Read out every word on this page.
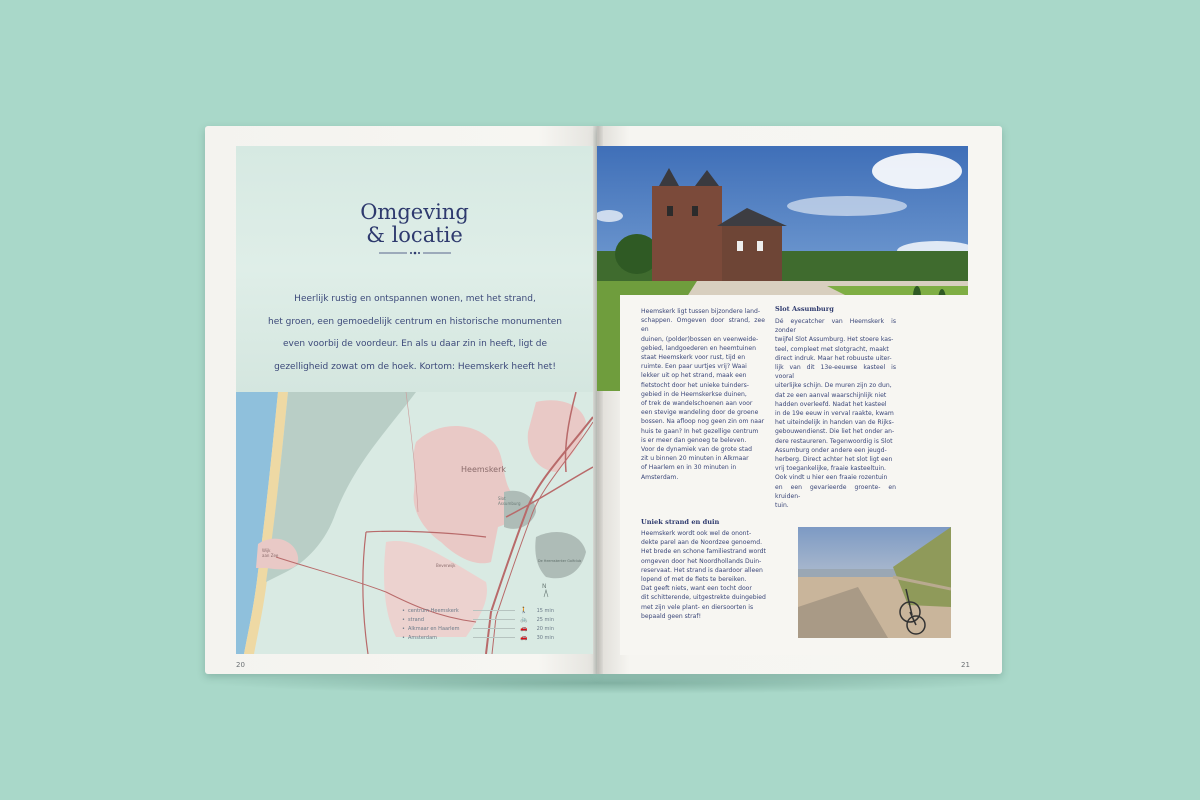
Omgeving
& locatie

Heerlijk rustig en ontspannen wonen, met het strand,
het groen, een gemoedelijk centrum en historische monumenten
even voorbij de voordeur. En als u daar zin in heeft, ligt de
gezelligheid zowat om de hoek. Kortom: Heemskerk heeft het!

Heemskerk
Slot
Assumburg
Wijk
aan Zee
Beverwijk
De Heemskerker Golfclub
N
• centrum Heemskerk	🚶	15 min
• strand	🚲	25 min
• Alkmaar en Haarlem	🚗	20 min
• Amsterdam	🚗	30 min
20

Heemskerk ligt tussen bijzondere land-
schappen. Omgeven door strand, zee en
duinen, (polder)bossen en veenweide-
gebied, landgoederen en heemtuinen
staat Heemskerk voor rust, tijd en
ruimte. Een paar uurtjes vrij? Waai
lekker uit op het strand, maak een
fietstocht door het unieke tuinders-
gebied in de Heemskerkse duinen,
of trek de wandelschoenen aan voor
een stevige wandeling door de groene
bossen. Na afloop nog geen zin om naar
huis te gaan? In het gezellige centrum
is er meer dan genoeg te beleven.
Voor de dynamiek van de grote stad
zit u binnen 20 minuten in Alkmaar
of Haarlem en in 30 minuten in
Amsterdam.

Slot Assumburg

Dé eyecatcher van Heemskerk is zonder
twijfel Slot Assumburg. Het stoere kas-
teel, compleet met slotgracht, maakt
direct indruk. Maar het robuuste uiter-
lijk van dit 13e-eeuwse kasteel is vooral
uiterlijke schijn. De muren zijn zo dun,
dat ze een aanval waarschijnlijk niet
hadden overleefd. Nadat het kasteel
in de 19e eeuw in verval raakte, kwam
het uiteindelijk in handen van de Rijks-
gebouwendienst. Die liet het onder an-
dere restaureren. Tegenwoordig is Slot
Assumburg onder andere een jeugd-
herberg. Direct achter het slot ligt een
vrij toegankelijke, fraaie kasteeltuin.
Ook vindt u hier een fraaie rozentuin
en een gevarieerde groente- en kruiden-
tuin.

Uniek strand en duin

Heemskerk wordt ook wel de onont-
dekte parel aan de Noordzee genoemd.
Het brede en schone familiestrand wordt
omgeven door het Noordhollands Duin-
reservaat. Het strand is daardoor alleen
lopend of met de fiets te bereiken.
Dat geeft niets, want een tocht door
dit schitterende, uitgestrekte duingebied
met zijn vele plant- en diersoorten is
bepaald geen straf!

21
